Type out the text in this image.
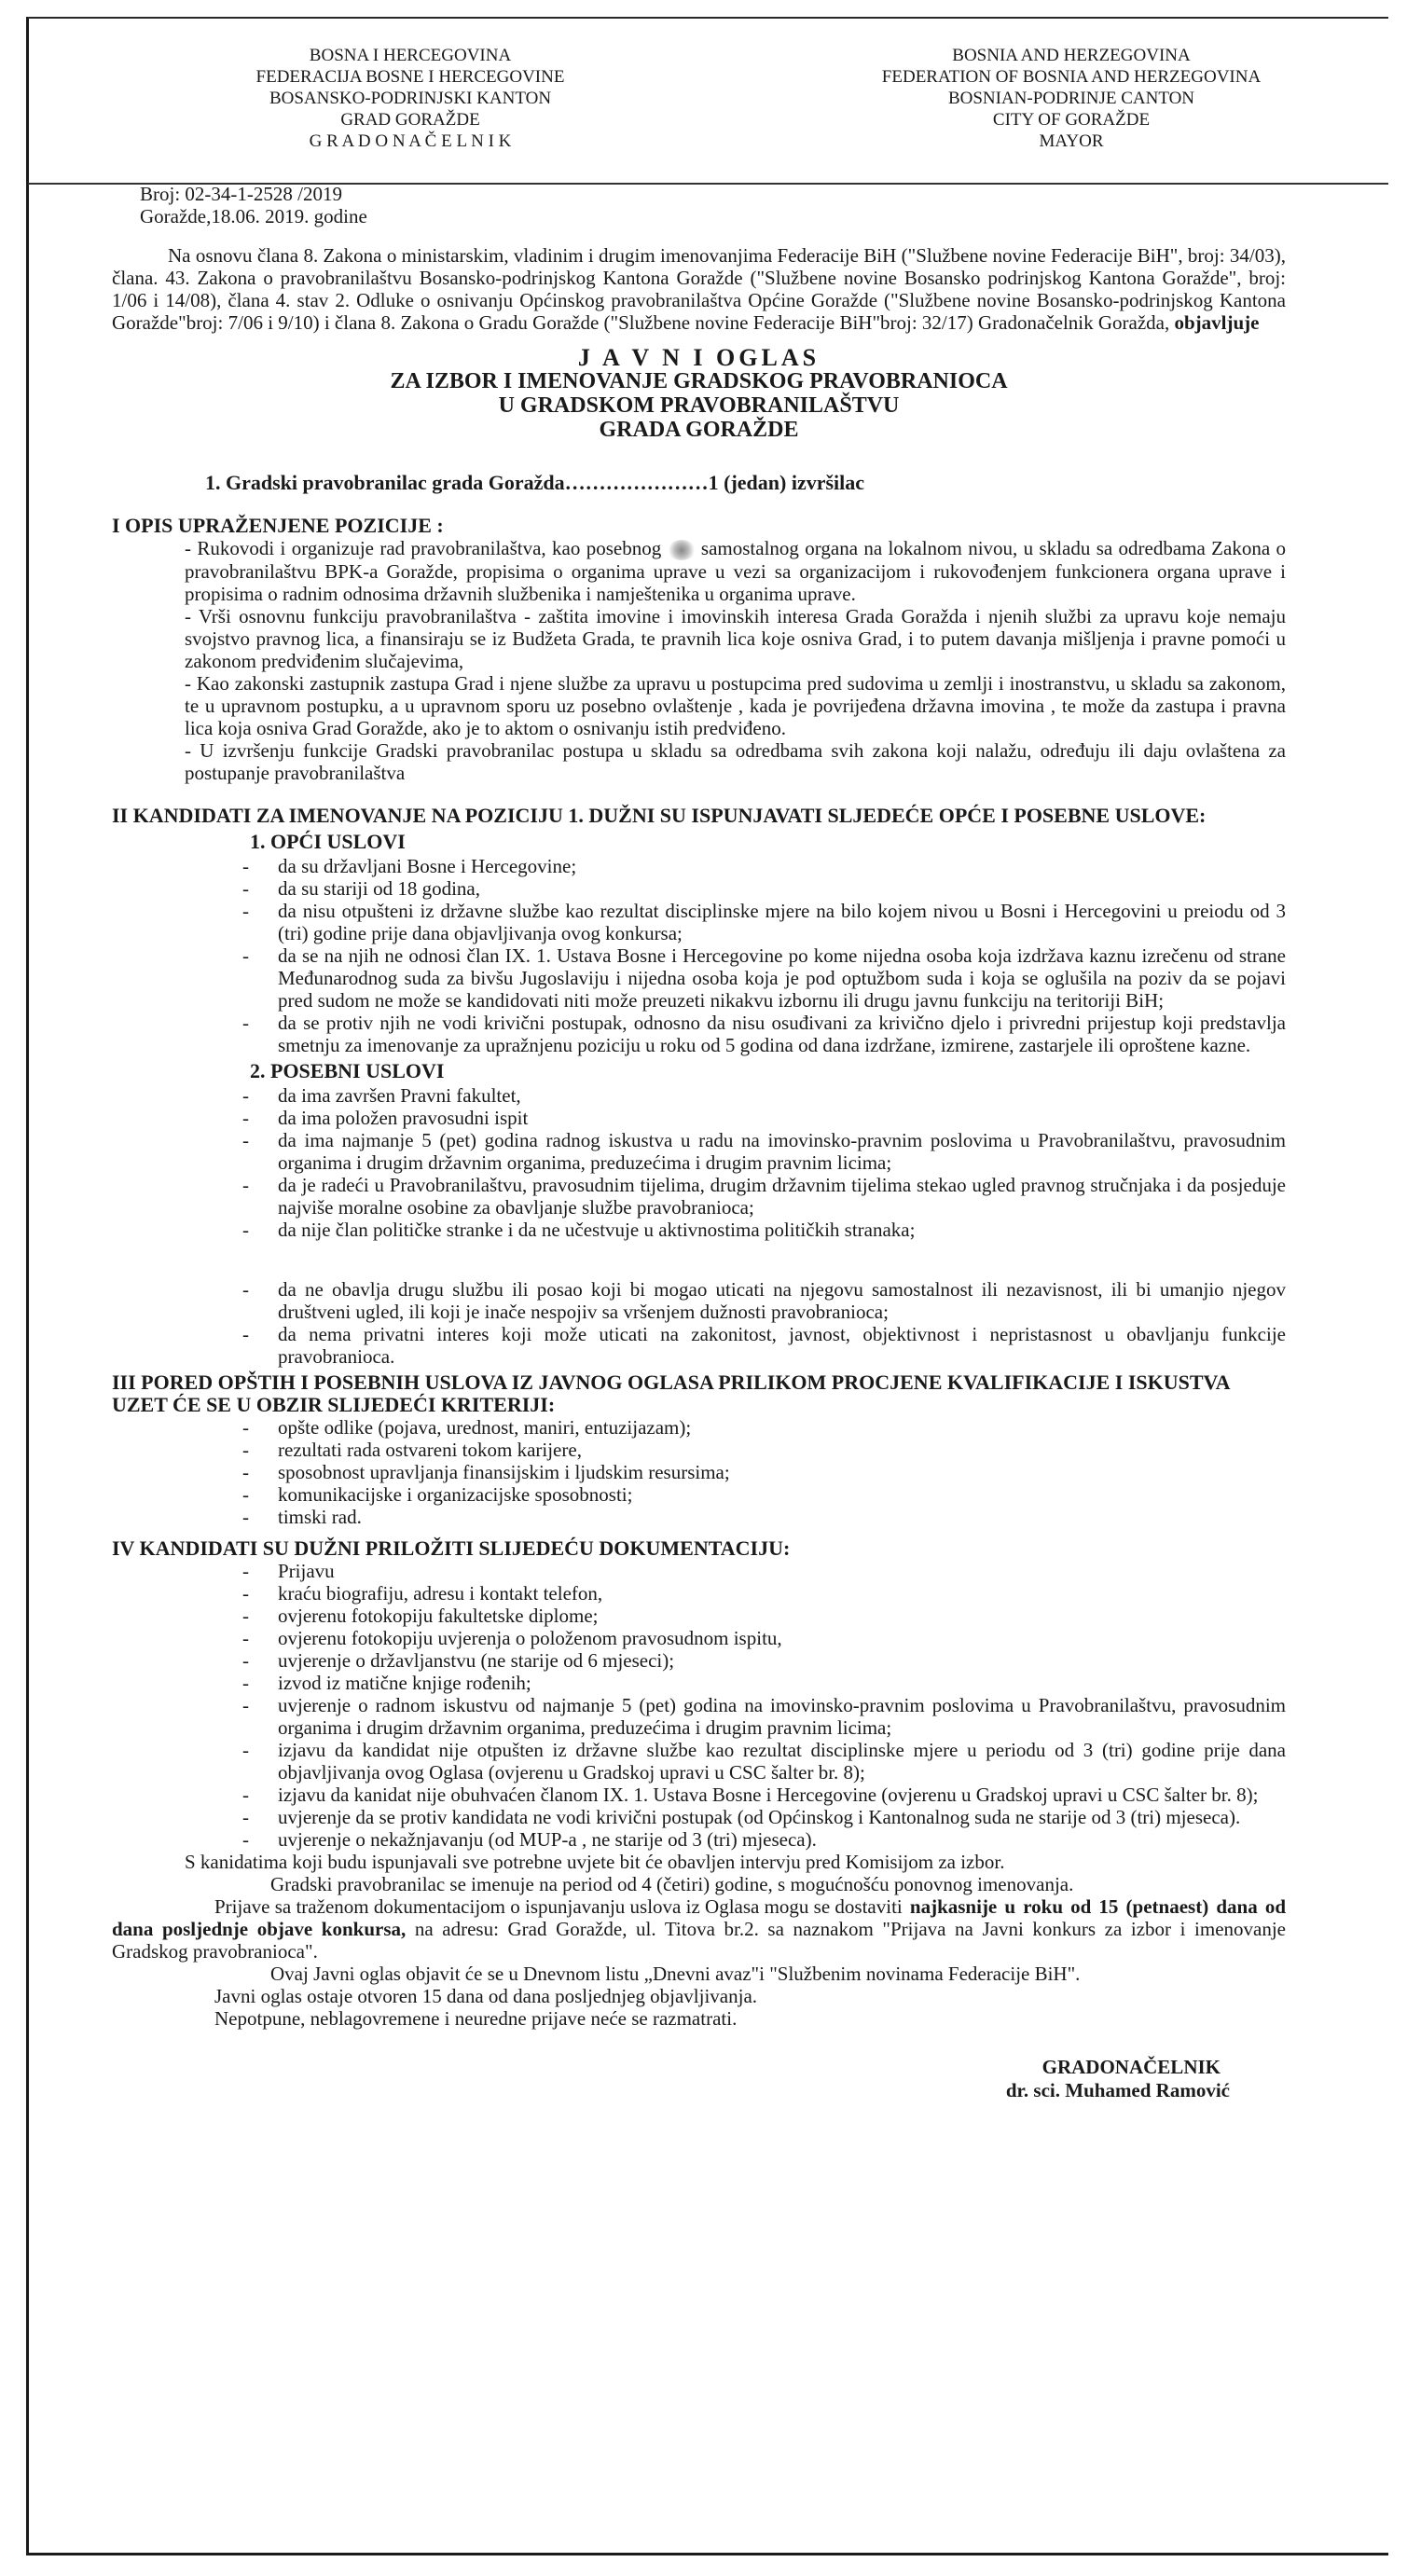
BOSNA I HERCEGOVINA
FEDERACIJA BOSNE I HERCEGOVINE
BOSANSKO-PODRINJSKI KANTON
GRAD GORAŽDE
G R A D O N A Č E L N I K
BOSNIA AND HERZEGOVINA
FEDERATION OF BOSNIA AND HERZEGOVINA
BOSNIAN-PODRINJE CANTON
CITY OF GORAŽDE
MAYOR
Broj: 02-34-1-2528 /2019
Goražde,18.06. 2019. godine

Na osnovu člana 8. Zakona o ministarskim, vladinim i drugim imenovanjima Federacije BiH ("Službene novine Federacije BiH", broj: 34/03), člana. 43. Zakona o pravobranilaštvu Bosansko-podrinjskog Kantona Goražde ("Službene novine Bosansko podrinjskog Kantona Goražde", broj: 1/06 i 14/08), člana 4. stav 2. Odluke o osnivanju Općinskog pravobranilaštva Općine Goražde ("Službene novine Bosansko-podrinjskog Kantona Goražde"broj: 7/06 i 9/10) i člana 8. Zakona o Gradu Goražde ("Službene novine Federacije BiH"broj: 32/17) Gradonačelnik Goražda, objavljuje

J A V N I OGLAS
ZA IZBOR I IMENOVANJE GRADSKOG PRAVOBRANIOCA
U GRADSKOM PRAVOBRANILAŠTVU
GRADA GORAŽDE
1. Gradski pravobranilac grada Goražda…………………1 (jedan) izvršilac
I OPIS UPRAŽENJENE POZICIJE :

- Rukovodi i organizuje rad pravobranilaštva, kao posebnog samostalnog organa na lokalnom nivou, u skladu sa odredbama Zakona o pravobranilaštvu BPK-a Goražde, propisima o organima uprave u vezi sa organizacijom i rukovođenjem funkcionera organa uprave i propisima o radnim odnosima državnih službenika i namještenika u organima uprave.

- Vrši osnovnu funkciju pravobranilaštva - zaštita imovine i imovinskih interesa Grada Goražda i njenih službi za upravu koje nemaju svojstvo pravnog lica, a finansiraju se iz Budžeta Grada, te pravnih lica koje osniva Grad, i to putem davanja mišljenja i pravne pomoći u zakonom predviđenim slučajevima,

- Kao zakonski zastupnik zastupa Grad i njene službe za upravu u postupcima pred sudovima u zemlji i inostranstvu, u skladu sa zakonom, te u upravnom postupku, a u upravnom sporu uz posebno ovlaštenje , kada je povrijeđena državna imovina , te može da zastupa i pravna lica koja osniva Grad Goražde, ako je to aktom o osnivanju istih predviđeno.

- U izvršenju funkcije Gradski pravobranilac postupa u skladu sa odredbama svih zakona koji nalažu, određuju ili daju ovlaštena za postupanje pravobranilaštva

II KANDIDATI ZA IMENOVANJE NA POZICIJU 1. DUŽNI SU ISPUNJAVATI SLJEDEĆE OPĆE I POSEBNE USLOVE:
1. OPĆI USLOVI
- da su državljani Bosne i Hercegovine;
- da su stariji od 18 godina,
- da nisu otpušteni iz državne službe kao rezultat disciplinske mjere na bilo kojem nivou u Bosni i Hercegovini u preiodu od 3 (tri) godine prije dana objavljivanja ovog konkursa;
- da se na njih ne odnosi član IX. 1. Ustava Bosne i Hercegovine po kome nijedna osoba koja izdržava kaznu izrečenu od strane Međunarodnog suda za bivšu Jugoslaviju i nijedna osoba koja je pod optužbom suda i koja se oglušila na poziv da se pojavi pred sudom ne može se kandidovati niti može preuzeti nikakvu izbornu ili drugu javnu funkciju na teritoriji BiH;
- da se protiv njih ne vodi krivični postupak, odnosno da nisu osuđivani za krivično djelo i privredni prijestup koji predstavlja smetnju za imenovanje za upražnjenu poziciju u roku od 5 godina od dana izdržane, izmirene, zastarjele ili oproštene kazne.
2. POSEBNI USLOVI
- da ima završen Pravni fakultet,
- da ima položen pravosudni ispit
- da ima najmanje 5 (pet) godina radnog iskustva u radu na imovinsko-pravnim poslovima u Pravobranilaštvu, pravosudnim organima i drugim državnim organima, preduzećima i drugim pravnim licima;
- da je radeći u Pravobranilaštvu, pravosudnim tijelima, drugim državnim tijelima stekao ugled pravnog stručnjaka i da posjeduje najviše moralne osobine za obavljanje službe pravobranioca;
- da nije član političke stranke i da ne učestvuje u aktivnostima političkih stranaka;
- da ne obavlja drugu službu ili posao koji bi mogao uticati na njegovu samostalnost ili nezavisnost, ili bi umanjio njegov društveni ugled, ili koji je inače nespojiv sa vršenjem dužnosti pravobranioca;
- da nema privatni interes koji može uticati na zakonitost, javnost, objektivnost i nepristasnost u obavljanju funkcije pravobranioca.
III PORED OPŠTIH I POSEBNIH USLOVA IZ JAVNOG OGLASA PRILIKOM PROCJENE KVALIFIKACIJE I ISKUSTVA UZET ĆE SE U OBZIR SLIJEDEĆI KRITERIJI:
- opšte odlike (pojava, urednost, maniri, entuzijazam);
- rezultati rada ostvareni tokom karijere,
- sposobnost upravljanja finansijskim i ljudskim resursima;
- komunikacijske i organizacijske sposobnosti;
- timski rad.
IV KANDIDATI SU DUŽNI PRILOŽITI SLIJEDEĆU DOKUMENTACIJU:
- Prijavu
- kraću biografiju, adresu i kontakt telefon,
- ovjerenu fotokopiju fakultetske diplome;
- ovjerenu fotokopiju uvjerenja o položenom pravosudnom ispitu,
- uvjerenje o državljanstvu (ne starije od 6 mjeseci);
- izvod iz matične knjige rođenih;
- uvjerenje o radnom iskustvu od najmanje 5 (pet) godina na imovinsko-pravnim poslovima u Pravobranilaštvu, pravosudnim organima i drugim državnim organima, preduzećima i drugim pravnim licima;
- izjavu da kandidat nije otpušten iz državne službe kao rezultat disciplinske mjere u periodu od 3 (tri) godine prije dana objavljivanja ovog Oglasa (ovjerenu u Gradskoj upravi u CSC šalter br. 8);
- izjavu da kanidat nije obuhvaćen članom IX. 1. Ustava Bosne i Hercegovine (ovjerenu u Gradskoj upravi u CSC šalter br. 8);
- uvjerenje da se protiv kandidata ne vodi krivični postupak (od Općinskog i Kantonalnog suda ne starije od 3 (tri) mjeseca).
- uvjerenje o nekažnjavanju (od MUP-a , ne starije od 3 (tri) mjeseca).

S kanidatima koji budu ispunjavali sve potrebne uvjete bit će obavljen intervju pred Komisijom za izbor.

Gradski pravobranilac se imenuje na period od 4 (četiri) godine, s mogućnošću ponovnog imenovanja.

Prijave sa traženom dokumentacijom o ispunjavanju uslova iz Oglasa mogu se dostaviti najkasnije u roku od 15 (petnaest) dana od dana posljednje objave konkursa, na adresu: Grad Goražde, ul. Titova br.2. sa naznakom "Prijava na Javni konkurs za izbor i imenovanje Gradskog pravobranioca".

Ovaj Javni oglas objavit će se u Dnevnom listu „Dnevni avaz"i "Službenim novinama Federacije BiH".

Javni oglas ostaje otvoren 15 dana od dana posljednjeg objavljivanja.

Nepotpune, neblagovremene i neuredne prijave neće se razmatrati.

GRADONAČELNIK
dr. sci. Muhamed Ramović
